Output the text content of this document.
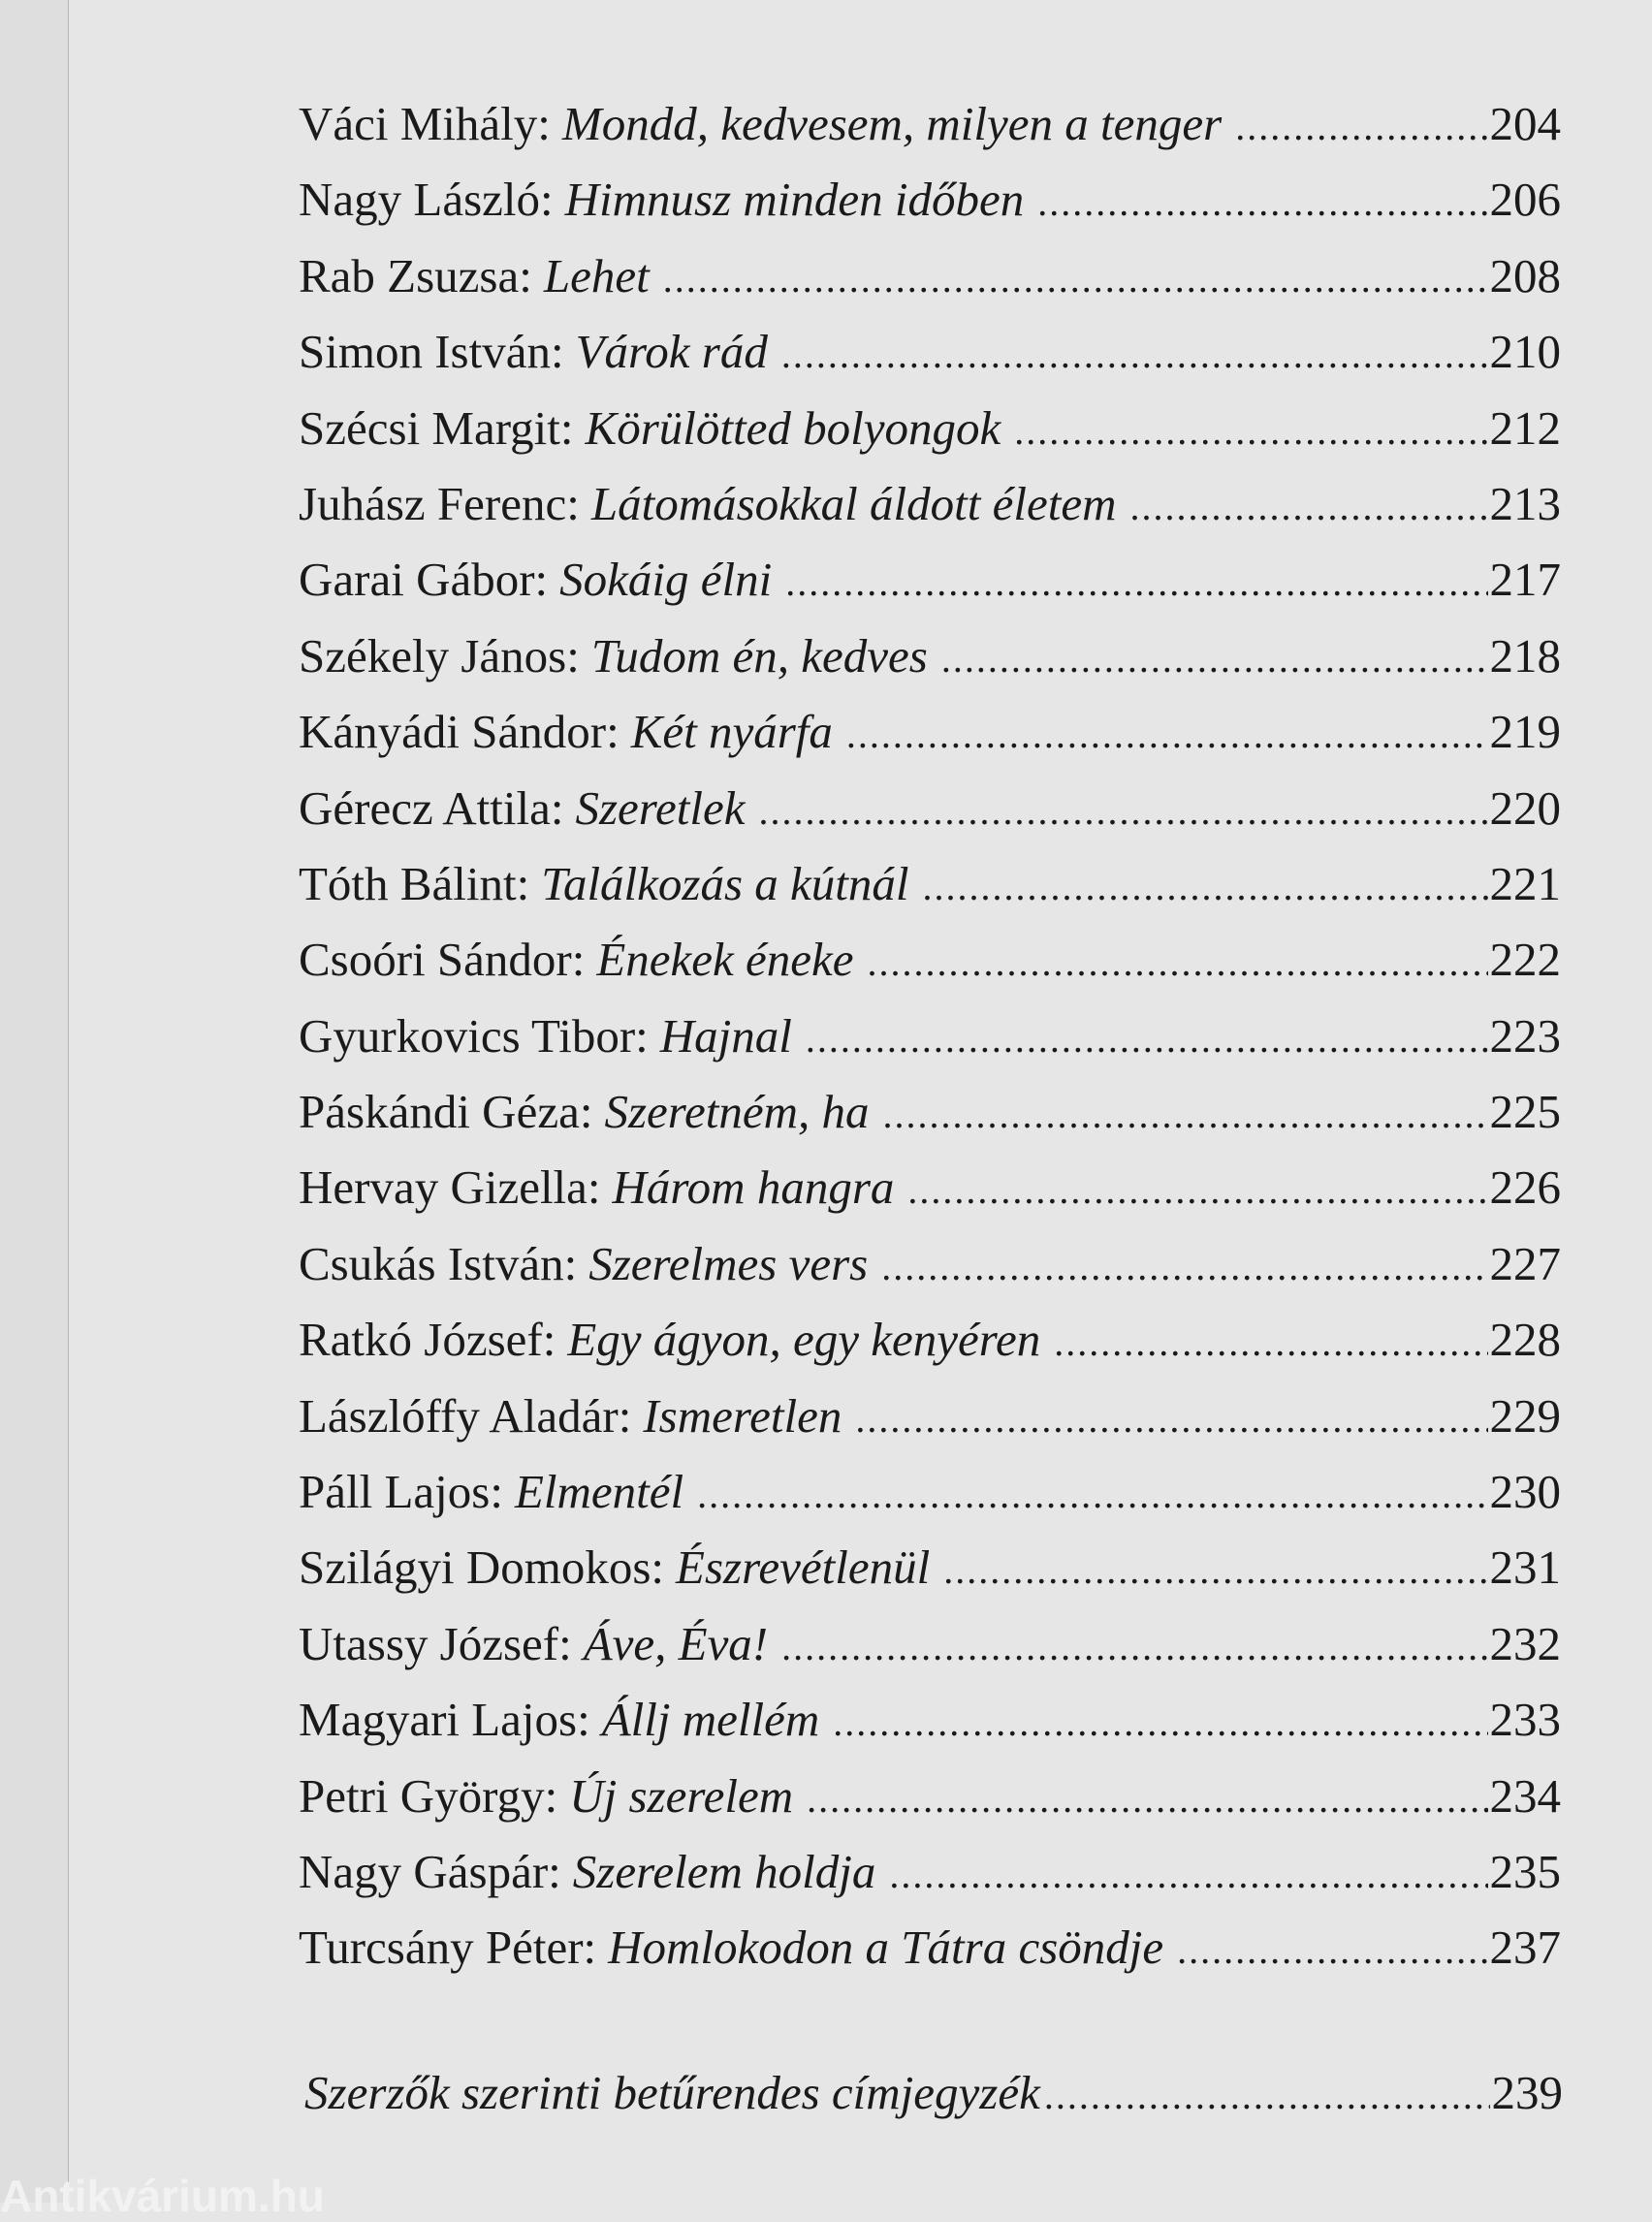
Váci Mihály: Mondd, kedvesem, milyen a tenger .....	204
Nagy László: Himnusz minden időben .....	206
Rab Zsuzsa: Lehet .....	208
Simon István: Várok rád .....	210
Szécsi Margit: Körülötted bolyongok .....	212
Juhász Ferenc: Látomásokkal áldott életem .....	213
Garai Gábor: Sokáig élni .....	217
Székely János: Tudom én, kedves .....	218
Kányádi Sándor: Két nyárfa .....	219
Gérecz Attila: Szeretlek .....	220
Tóth Bálint: Találkozás a kútnál .....	221
Csoóri Sándor: Énekek éneke .....	222
Gyurkovics Tibor: Hajnal .....	223
Páskándi Géza: Szeretném, ha .....	225
Hervay Gizella: Három hangra .....	226
Csukás István: Szerelmes vers .....	227
Ratkó József: Egy ágyon, egy kenyéren .....	228
Lászlóffy Aladár: Ismeretlen .....	229
Páll Lajos: Elmentél .....	230
Szilágyi Domokos: Észrevétlenül .....	231
Utassy József: Áve, Éva! .....	232
Magyari Lajos: Állj mellém .....	233
Petri György: Új szerelem .....	234
Nagy Gáspár: Szerelem holdja .....	235
Turcsány Péter: Homlokodon a Tátra csöndje .....	237
Szerzők szerinti betűrendes címjegyzék .....	239
Antikvárium.hu
